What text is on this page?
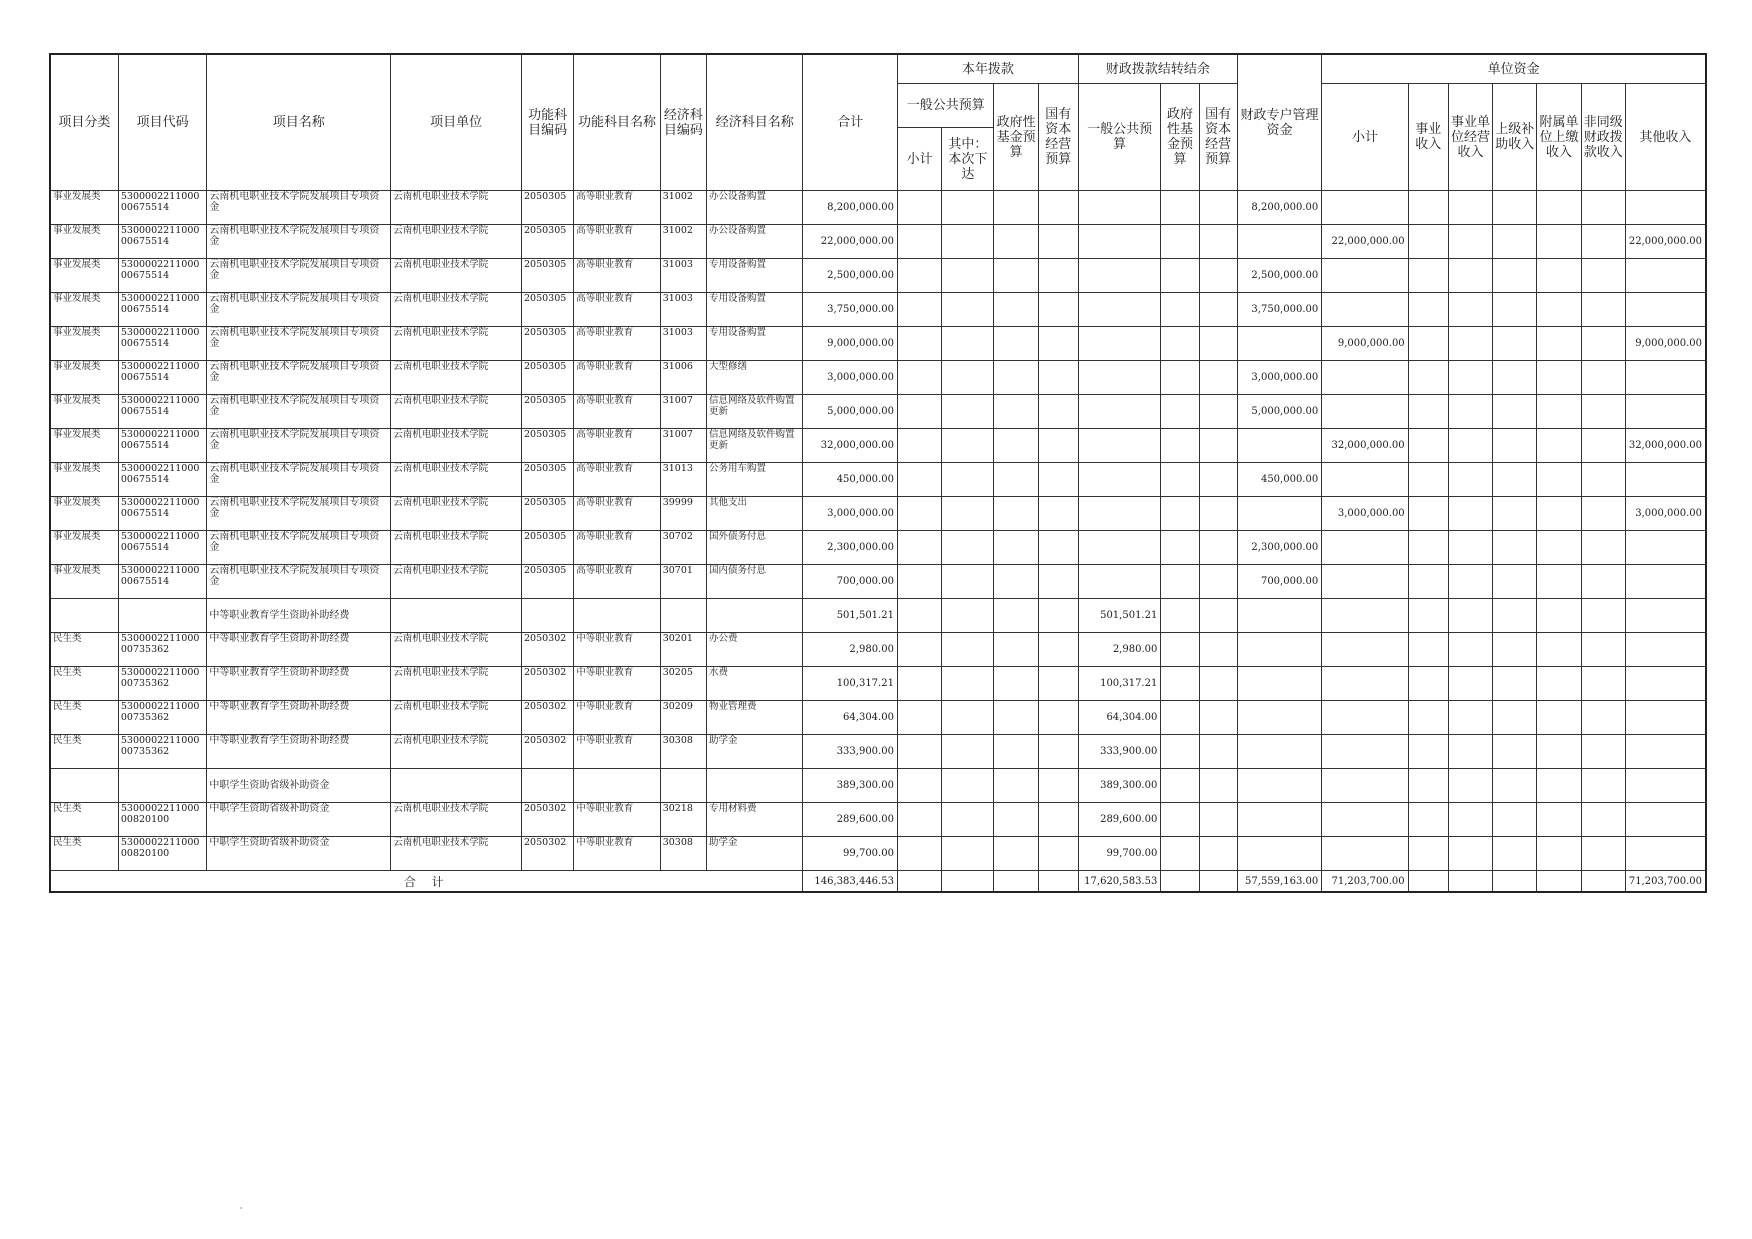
项目分类	项目代码	项目名称	项目单位	功能科目编码	功能科目名称	经济科目编码	经济科目名称	合计	本年拨款				财政拨款结转结余			财政专户管理资金	单位资金						
									一般公共预算		政府性基金预算	国有资本经营预算	一般公共预算	政府性基金预算	国有资本经营预算		小计	事业收入	事业单位经营收入	上级补助收入	附属单位上缴收入	非同级财政拨款收入	其他收入
									小计	其中：本次下达													
事业发展类	530000221100000675514	云南机电职业技术学院发展项目专项资金	云南机电职业技术学院	2050305	高等职业教育	31002	办公设备购置	8,200,000.00								8,200,000.00							
事业发展类	530000221100000675514	云南机电职业技术学院发展项目专项资金	云南机电职业技术学院	2050305	高等职业教育	31002	办公设备购置	22,000,000.00									22,000,000.00						22,000,000.00
事业发展类	530000221100000675514	云南机电职业技术学院发展项目专项资金	云南机电职业技术学院	2050305	高等职业教育	31003	专用设备购置	2,500,000.00								2,500,000.00							
事业发展类	530000221100000675514	云南机电职业技术学院发展项目专项资金	云南机电职业技术学院	2050305	高等职业教育	31003	专用设备购置	3,750,000.00								3,750,000.00							
事业发展类	530000221100000675514	云南机电职业技术学院发展项目专项资金	云南机电职业技术学院	2050305	高等职业教育	31003	专用设备购置	9,000,000.00									9,000,000.00						9,000,000.00
事业发展类	530000221100000675514	云南机电职业技术学院发展项目专项资金	云南机电职业技术学院	2050305	高等职业教育	31006	大型修缮	3,000,000.00								3,000,000.00							
事业发展类	530000221100000675514	云南机电职业技术学院发展项目专项资金	云南机电职业技术学院	2050305	高等职业教育	31007	信息网络及软件购置更新	5,000,000.00								5,000,000.00							
事业发展类	530000221100000675514	云南机电职业技术学院发展项目专项资金	云南机电职业技术学院	2050305	高等职业教育	31007	信息网络及软件购置更新	32,000,000.00									32,000,000.00						32,000,000.00
事业发展类	530000221100000675514	云南机电职业技术学院发展项目专项资金	云南机电职业技术学院	2050305	高等职业教育	31013	公务用车购置	450,000.00								450,000.00							
事业发展类	530000221100000675514	云南机电职业技术学院发展项目专项资金	云南机电职业技术学院	2050305	高等职业教育	39999	其他支出	3,000,000.00									3,000,000.00						3,000,000.00
事业发展类	530000221100000675514	云南机电职业技术学院发展项目专项资金	云南机电职业技术学院	2050305	高等职业教育	30702	国外债务付息	2,300,000.00								2,300,000.00							
事业发展类	530000221100000675514	云南机电职业技术学院发展项目专项资金	云南机电职业技术学院	2050305	高等职业教育	30701	国内债务付息	700,000.00								700,000.00							
		中等职业教育学生资助补助经费						501,501.21					501,501.21										
民生类	530000221100000735362	中等职业教育学生资助补助经费	云南机电职业技术学院	2050302	中等职业教育	30201	办公费	2,980.00					2,980.00										
民生类	530000221100000735362	中等职业教育学生资助补助经费	云南机电职业技术学院	2050302	中等职业教育	30205	水费	100,317.21					100,317.21										
民生类	530000221100000735362	中等职业教育学生资助补助经费	云南机电职业技术学院	2050302	中等职业教育	30209	物业管理费	64,304.00					64,304.00										
民生类	530000221100000735362	中等职业教育学生资助补助经费	云南机电职业技术学院	2050302	中等职业教育	30308	助学金	333,900.00					333,900.00										
		中职学生资助省级补助资金						389,300.00					389,300.00										
民生类	530000221100000820100	中职学生资助省级补助资金	云南机电职业技术学院	2050302	中等职业教育	30218	专用材料费	289,600.00					289,600.00										
民生类	530000221100000820100	中职学生资助省级补助资金	云南机电职业技术学院	2050302	中等职业教育	30308	助学金	99,700.00					99,700.00										
合 计								146,383,446.53					17,620,583.53			57,559,163.00	71,203,700.00						71,203,700.00
